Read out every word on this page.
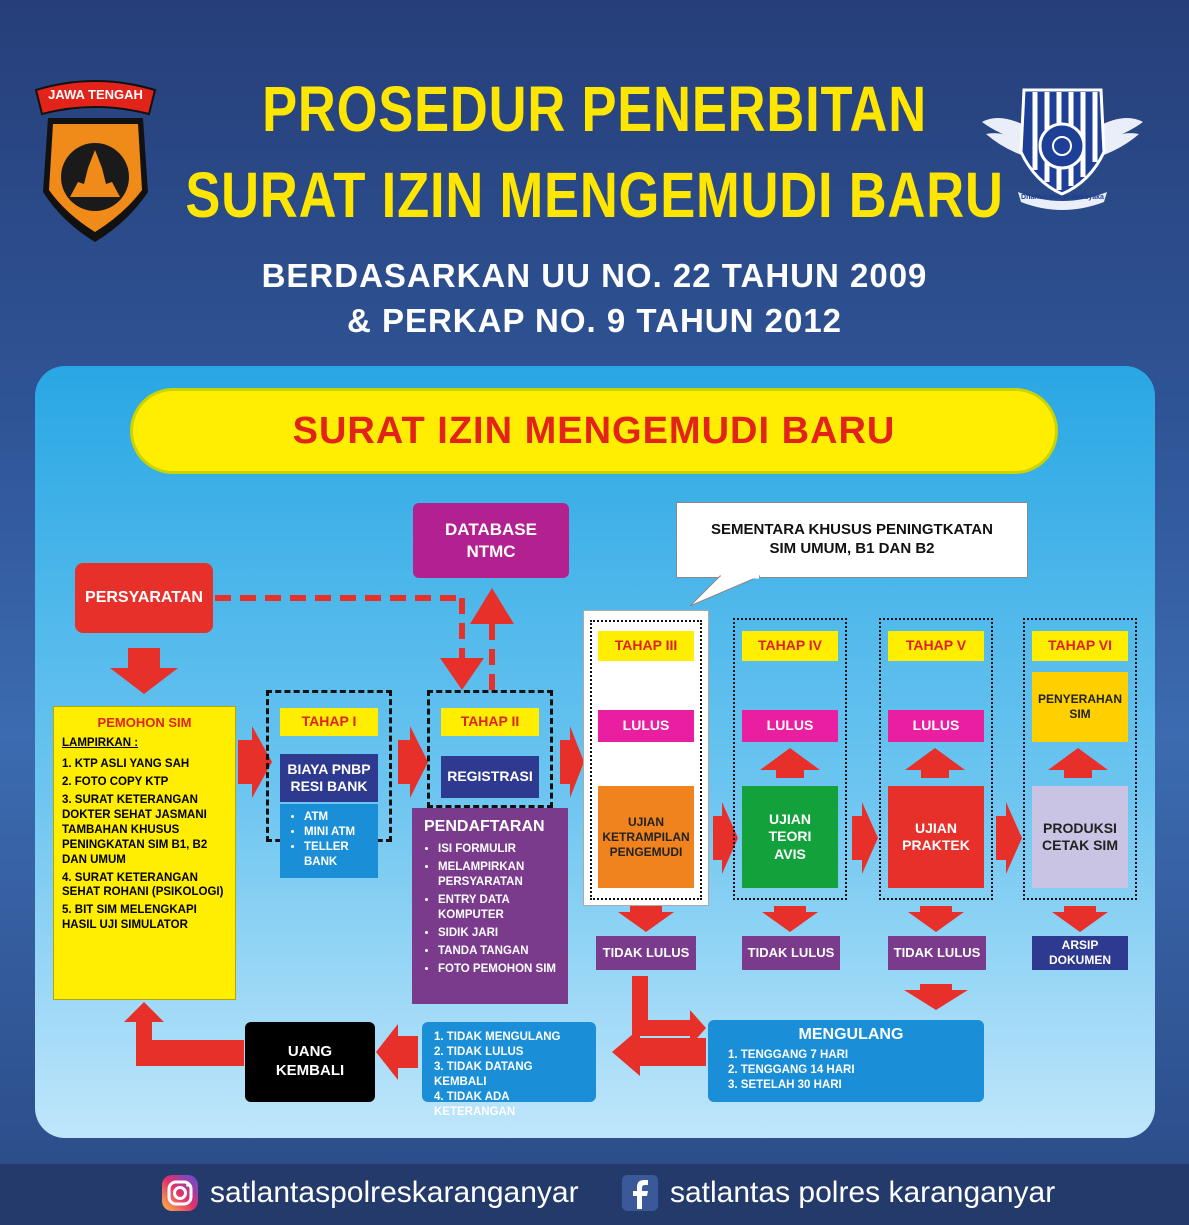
JAWA TENGAH
Dharma Marga Raksyaka
PROSEDUR PENERBITAN
SURAT IZIN MENGEMUDI BARU
BERDASARKAN UU NO. 22 TAHUN 2009
& PERKAP NO. 9 TAHUN 2012
SURAT IZIN MENGEMUDI BARU
PERSYARATAN
DATABASE
NTMC
SEMENTARA KHUSUS PENINGTKATAN
SIM UMUM, B1 DAN B2
PEMOHON SIM
LAMPIRKAN :
1. KTP ASLI YANG SAH
2. FOTO COPY KTP
3. SURAT KETERANGAN DOKTER SEHAT JASMANI TAMBAHAN KHUSUS PENINGKATAN SIM B1, B2 DAN UMUM
4. SURAT KETERANGAN SEHAT ROHANI (PSIKOLOGI)
5. BIT SIM MELENGKAPI HASIL UJI SIMULATOR
TAHAP I
BIAYA PNBP RESI BANK
• ATM
• MINI ATM
• TELLER BANK
TAHAP II
REGISTRASI
PENDAFTARAN
• ISI FORMULIR
• MELAMPIRKAN PERSYARATAN
• ENTRY DATA KOMPUTER
• SIDIK JARI
• TANDA TANGAN
• FOTO PEMOHON SIM
TAHAP III
LULUS
UJIAN KETRAMPILAN PENGEMUDI
TIDAK LULUS
TAHAP IV
LULUS
UJIAN TEORI AVIS
TIDAK LULUS
TAHAP V
LULUS
UJIAN PRAKTEK
TIDAK LULUS
TAHAP VI
PENYERAHAN SIM
PRODUKSI CETAK SIM
ARSIP DOKUMEN
MENGULANG
1. TENGGANG 7 HARI
2. TENGGANG 14 HARI
3. SETELAH 30 HARI
1. TIDAK MENGULANG
2. TIDAK LULUS
3. TIDAK DATANG KEMBALI
4. TIDAK ADA KETERANGAN
UANG
KEMBALI
satlantaspolreskaranganyar	satlantas polres karanganyar
